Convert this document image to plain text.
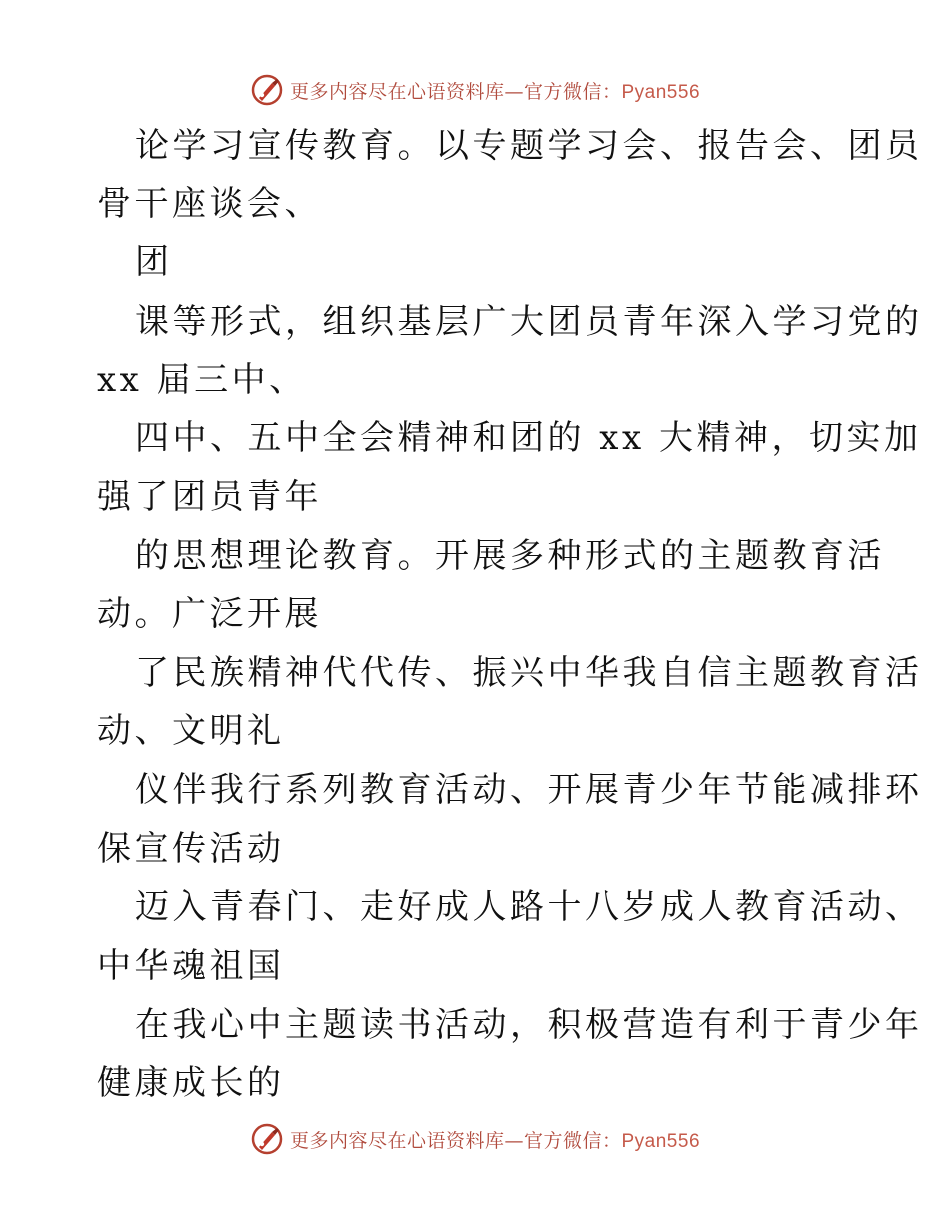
更多内容尽在心语资料库—官方微信：Pyan556
论学习宣传教育。以专题学习会、报告会、团员
骨干座谈会、
团
课等形式，组织基层广大团员青年深入学习党的
xx 届三中、
四中、五中全会精神和团的 xx 大精神，切实加
强了团员青年
的思想理论教育。开展多种形式的主题教育活
动。广泛开展
了民族精神代代传、振兴中华我自信主题教育活
动、文明礼
仪伴我行系列教育活动、开展青少年节能减排环
保宣传活动
迈入青春门、走好成人路十八岁成人教育活动、
中华魂祖国
在我心中主题读书活动，积极营造有利于青少年
健康成长的
更多内容尽在心语资料库—官方微信：Pyan556
